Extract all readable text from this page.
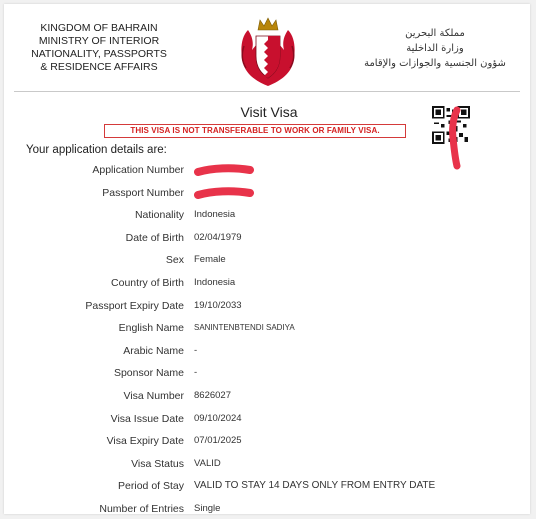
KINGDOM OF BAHRAIN
MINISTRY OF INTERIOR
NATIONALITY, PASSPORTS
& RESIDENCE AFFAIRS
مملكة البحرين
وزارة الداخلية
شؤون الجنسية والجوازات والإقامة
Visit Visa
THIS VISA IS NOT TRANSFERABLE TO WORK OR FAMILY VISA.
Your application details are:
Application Number
Passport Number
Nationality Indonesia
Date of Birth 02/04/1979
Sex Female
Country of Birth Indonesia
Passport Expiry Date 19/10/2033
English Name SANINTENBTENDI SADIYA
Arabic Name -
Sponsor Name -
Visa Number 8626027
Visa Issue Date 09/10/2024
Visa Expiry Date 07/01/2025
Visa Status VALID
Period of Stay VALID TO STAY 14 DAYS ONLY FROM ENTRY DATE
Number of Entries Single
